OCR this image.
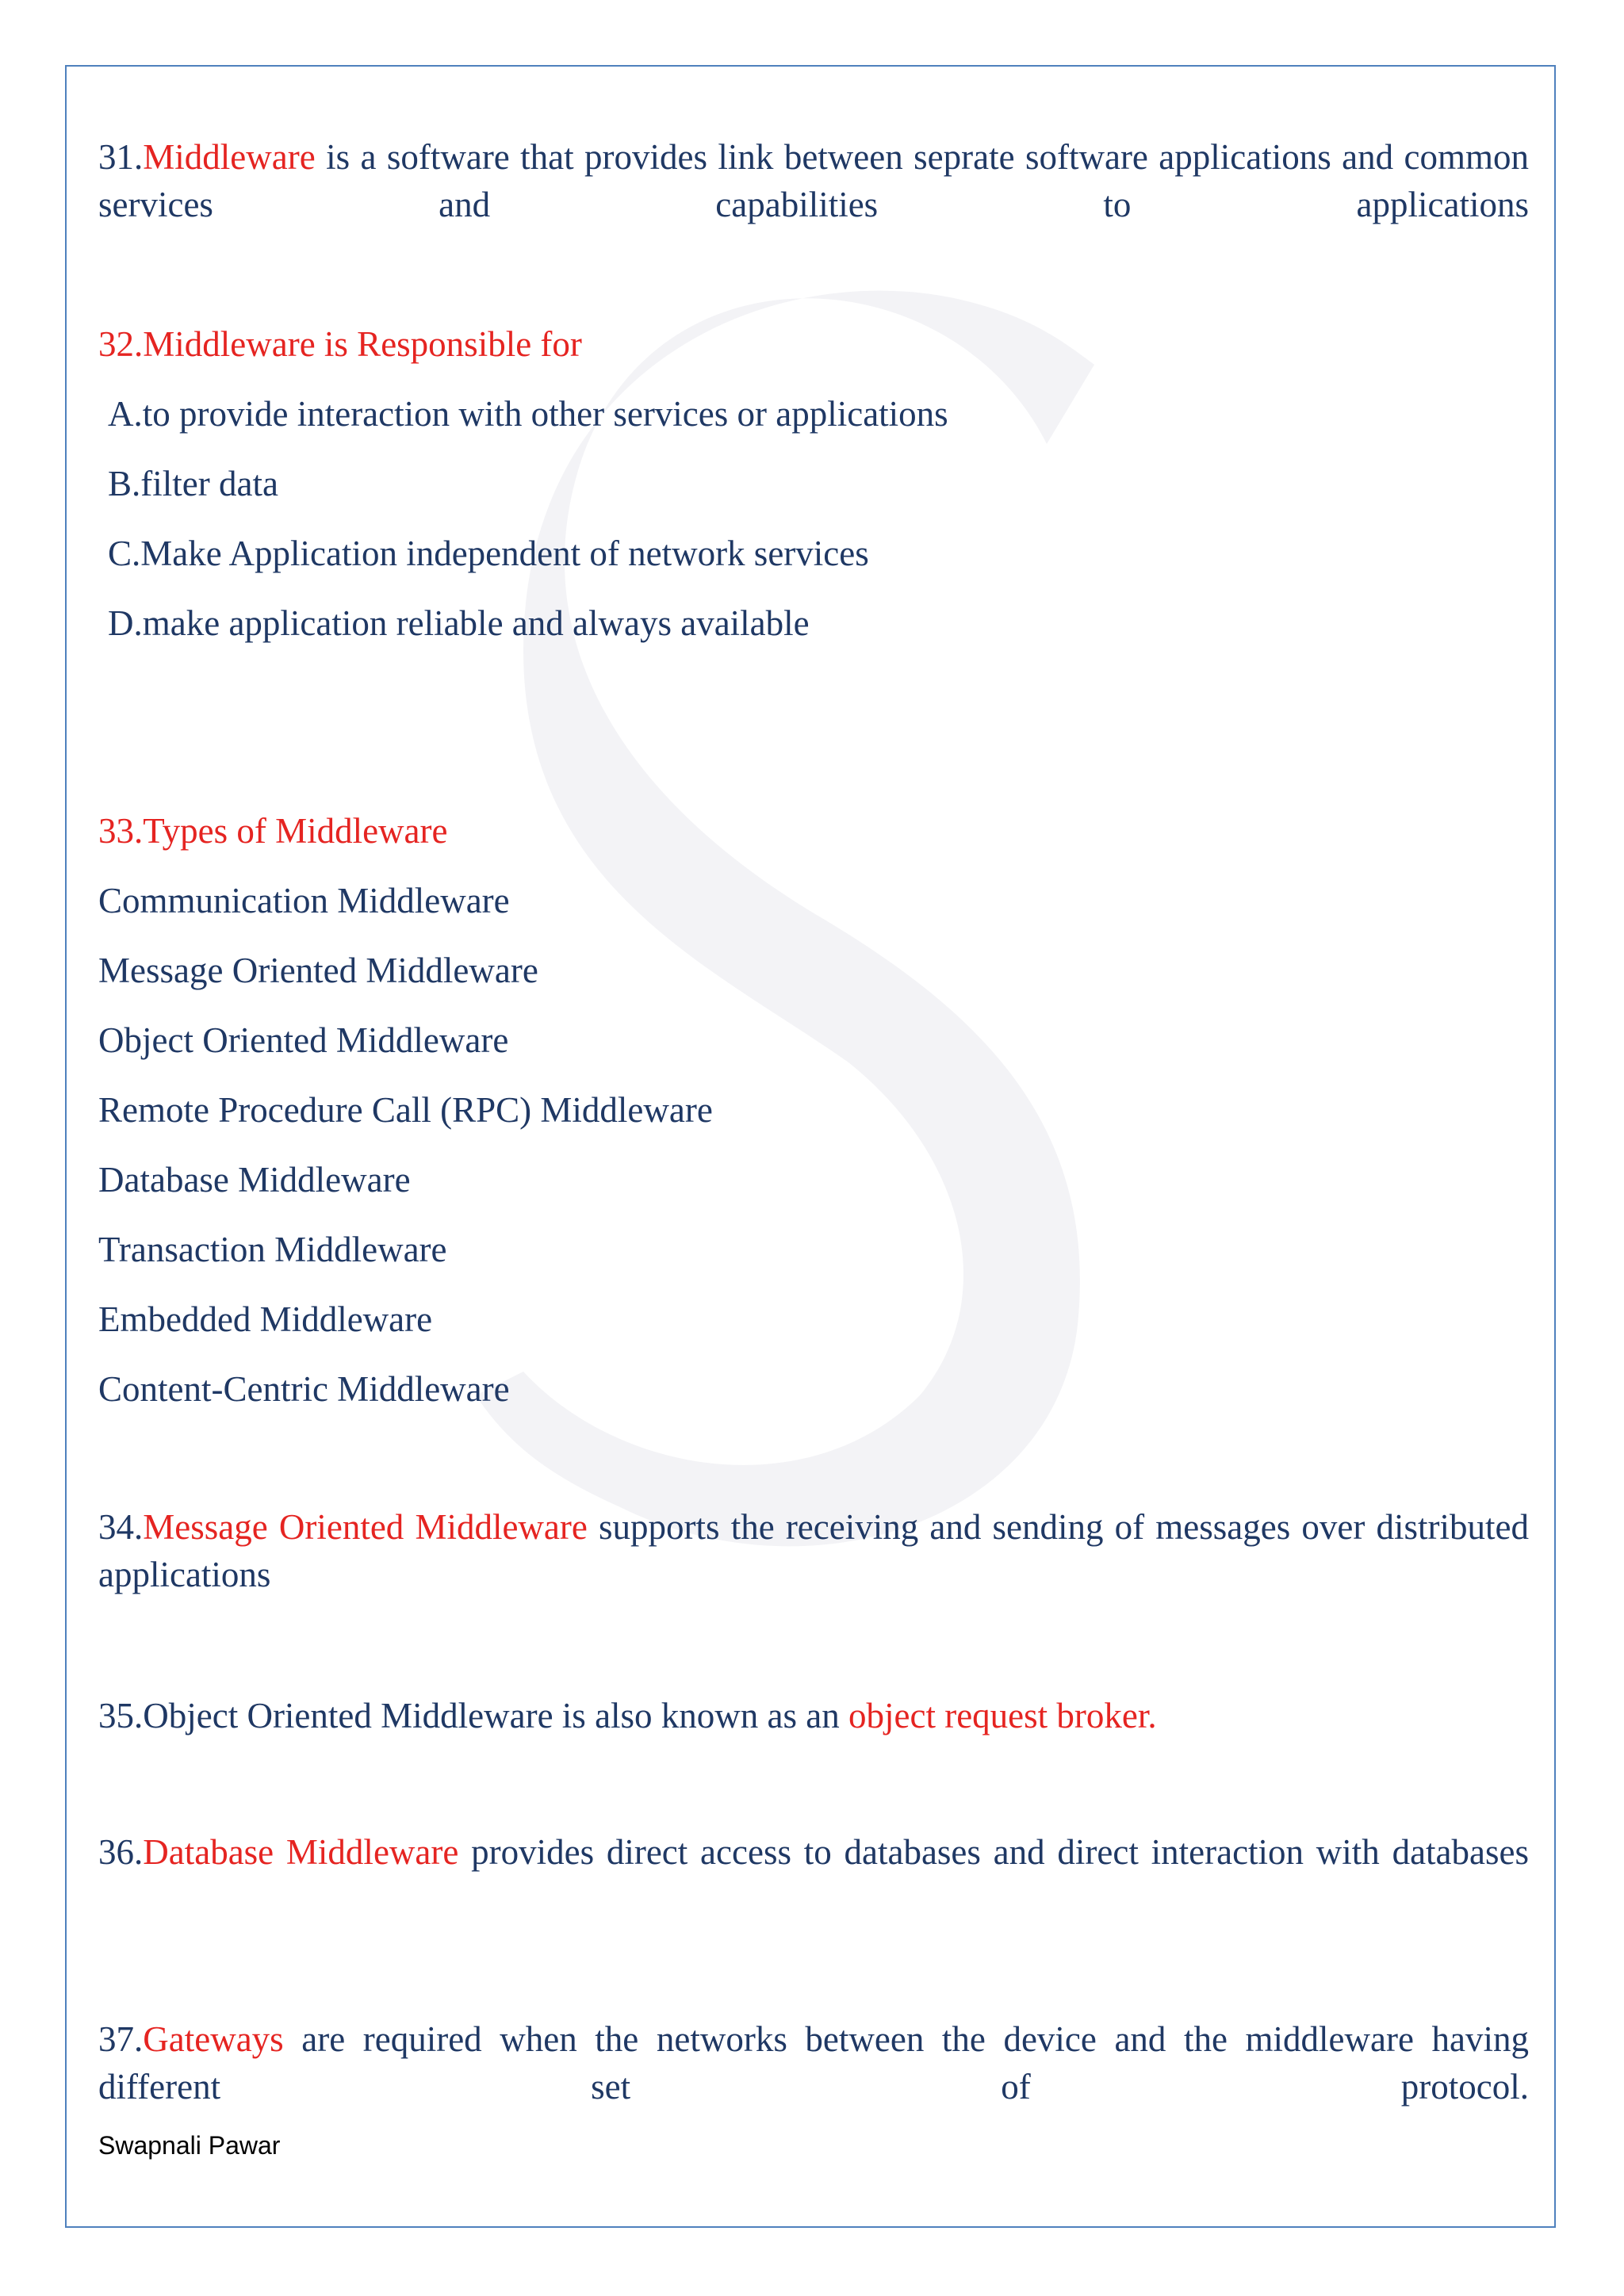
31.Middleware is a software that provides link between seprate software applications and common services and capabilities to applications

32.Middleware is Responsible for

A.to provide interaction with other services or applications

B.filter data

C.Make Application independent of network services

D.make application reliable and always available

33.Types of Middleware

Communication Middleware

Message Oriented Middleware

Object Oriented Middleware

Remote Procedure Call (RPC) Middleware

Database Middleware

Transaction Middleware

Embedded Middleware

Content-Centric Middleware

34.Message Oriented Middleware supports the receiving and sending of messages over distributed applications

35.Object Oriented Middleware is also known as an object request broker.

36.Database Middleware provides direct access to databases and direct interaction with databases

37.Gateways are required when the networks between the device and the middleware having different set of protocol.

Swapnali Pawar
